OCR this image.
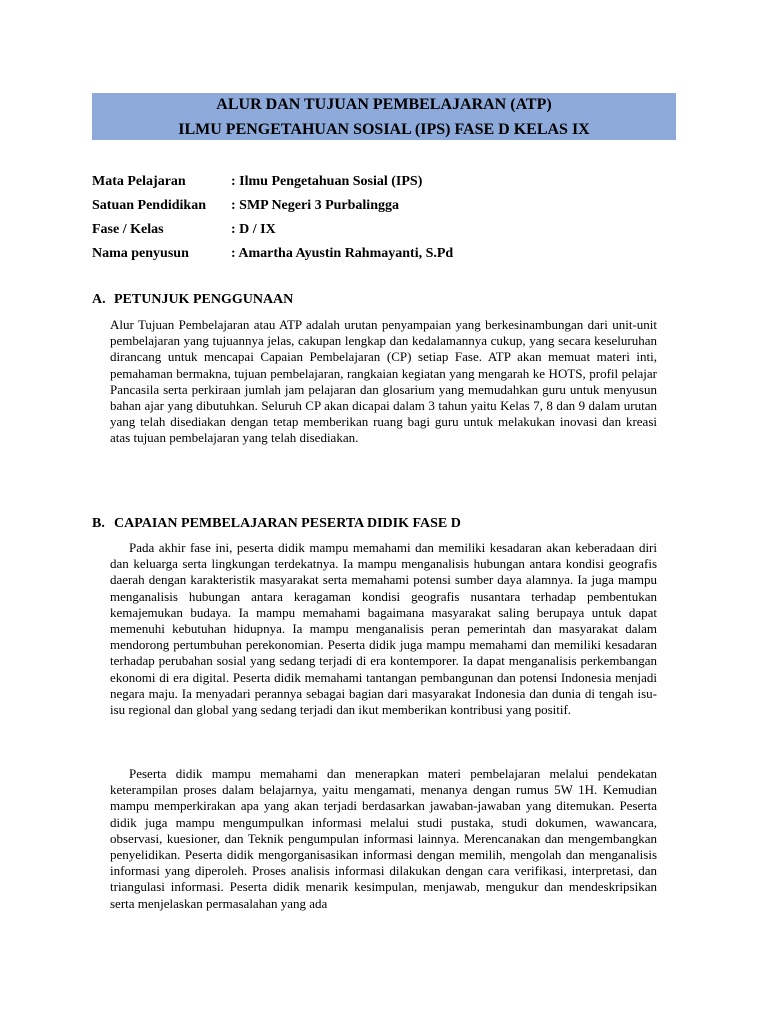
ALUR DAN TUJUAN PEMBELAJARAN (ATP)
ILMU PENGETAHUAN SOSIAL (IPS) FASE D KELAS IX
Mata Pelajaran	: Ilmu Pengetahuan Sosial (IPS)
Satuan Pendidikan	: SMP Negeri 3 Purbalingga
Fase / Kelas	: D / IX
Nama penyusun	: Amartha Ayustin Rahmayanti, S.Pd
A. PETUNJUK PENGGUNAAN

Alur Tujuan Pembelajaran atau ATP adalah urutan penyampaian yang berkesinambungan dari unit-unit pembelajaran yang tujuannya jelas, cakupan lengkap dan kedalamannya cukup, yang secara keseluruhan dirancang untuk mencapai Capaian Pembelajaran (CP) setiap Fase. ATP akan memuat materi inti, pemahaman bermakna, tujuan pembelajaran, rangkaian kegiatan yang mengarah ke HOTS, profil pelajar Pancasila serta perkiraan jumlah jam pelajaran dan glosarium yang memudahkan guru untuk menyusun bahan ajar yang dibutuhkan. Seluruh CP akan dicapai dalam 3 tahun yaitu Kelas 7, 8 dan 9 dalam urutan yang telah disediakan dengan tetap memberikan ruang bagi guru untuk melakukan inovasi dan kreasi atas tujuan pembelajaran yang telah disediakan.

B. CAPAIAN PEMBELAJARAN PESERTA DIDIK FASE D

Pada akhir fase ini, peserta didik mampu memahami dan memiliki kesadaran akan keberadaan diri dan keluarga serta lingkungan terdekatnya. Ia mampu menganalisis hubungan antara kondisi geografis daerah dengan karakteristik masyarakat serta memahami potensi sumber daya alamnya. Ia juga mampu menganalisis hubungan antara keragaman kondisi geografis nusantara terhadap pembentukan kemajemukan budaya. Ia mampu memahami bagaimana masyarakat saling berupaya untuk dapat memenuhi kebutuhan hidupnya. Ia mampu menganalisis peran pemerintah dan masyarakat dalam mendorong pertumbuhan perekonomian. Peserta didik juga mampu memahami dan memiliki kesadaran terhadap perubahan sosial yang sedang terjadi di era kontemporer. Ia dapat menganalisis perkembangan ekonomi di era digital. Peserta didik memahami tantangan pembangunan dan potensi Indonesia menjadi negara maju. Ia menyadari perannya sebagai bagian dari masyarakat Indonesia dan dunia di tengah isu-isu regional dan global yang sedang terjadi dan ikut memberikan kontribusi yang positif.

Peserta didik mampu memahami dan menerapkan materi pembelajaran melalui pendekatan keterampilan proses dalam belajarnya, yaitu mengamati, menanya dengan rumus 5W 1H. Kemudian mampu memperkirakan apa yang akan terjadi berdasarkan jawaban-jawaban yang ditemukan. Peserta didik juga mampu mengumpulkan informasi melalui studi pustaka, studi dokumen, wawancara, observasi, kuesioner, dan Teknik pengumpulan informasi lainnya. Merencanakan dan mengembangkan penyelidikan. Peserta didik mengorganisasikan informasi dengan memilih, mengolah dan menganalisis informasi yang diperoleh. Proses analisis informasi dilakukan dengan cara verifikasi, interpretasi, dan triangulasi informasi. Peserta didik menarik kesimpulan, menjawab, mengukur dan mendeskripsikan serta menjelaskan permasalahan yang ada
